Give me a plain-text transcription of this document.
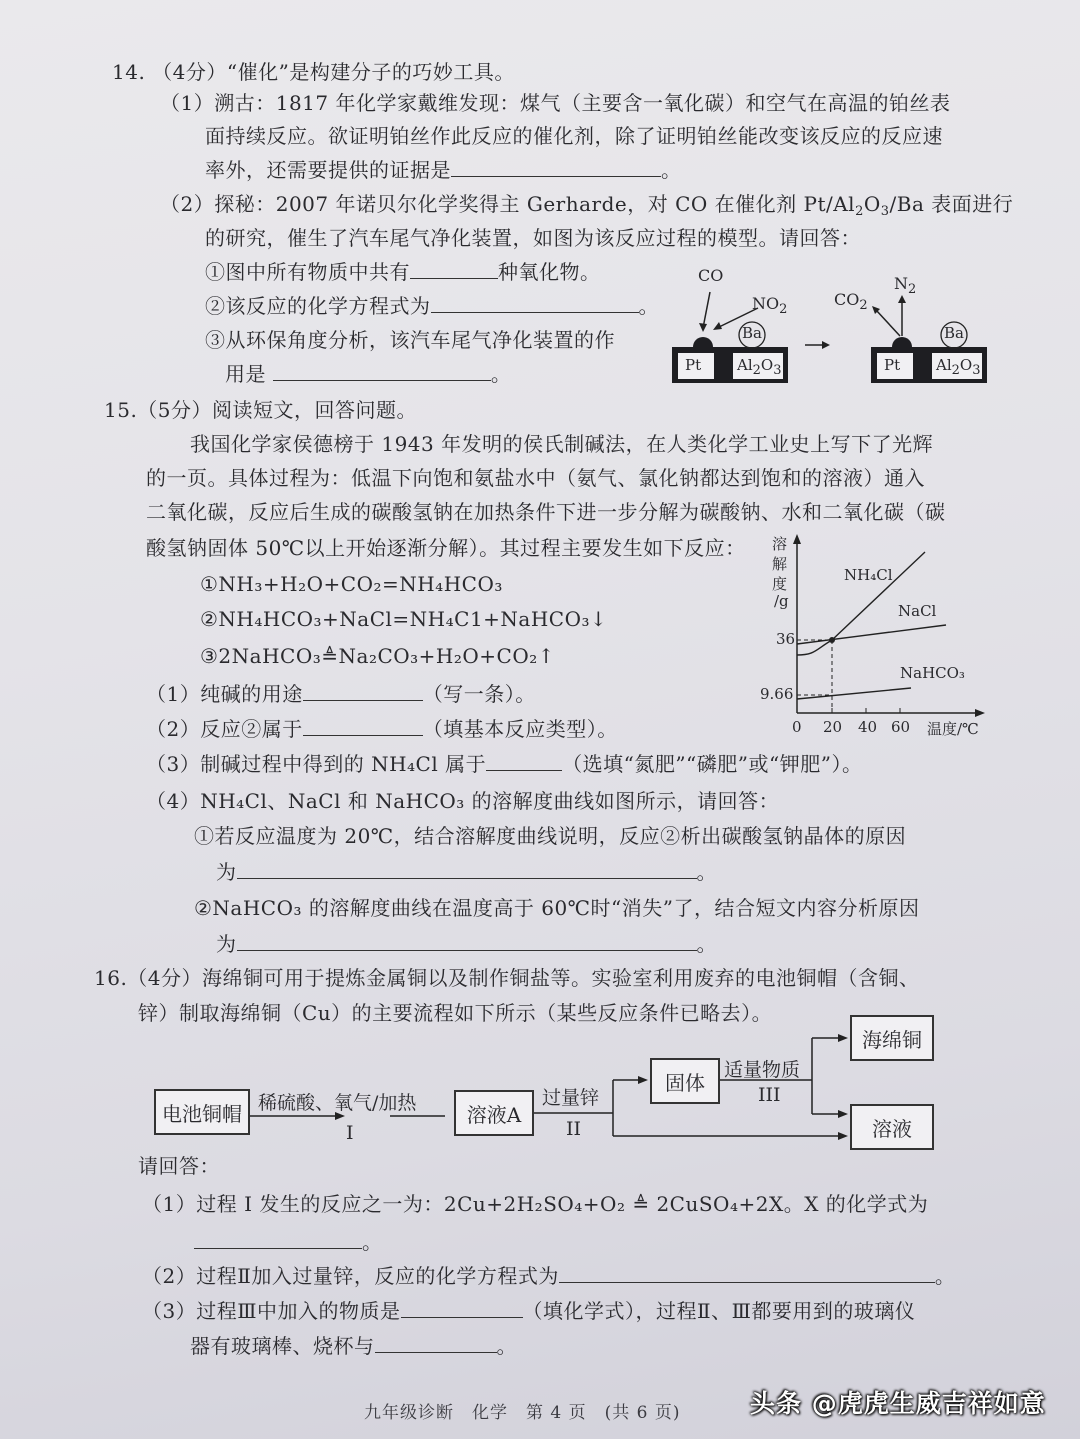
14. （4分）“催化”是构建分子的巧妙工具。
（1）溯古：1817 年化学家戴维发现：煤气（主要含一氧化碳）和空气在高温的铂丝表
面持续反应。欲证明铂丝作此反应的催化剂，除了证明铂丝能改变该反应的反应速
率外，还需要提供的证据是	。
（2）探秘：2007 年诺贝尔化学奖得主 Gerharde，对 CO 在催化剂 $Pt/Al_2O_3/Ba$ 表面进行
的研究，催生了汽车尾气净化装置，如图为该反应过程的模型。请回答：
①图中所有物质中共有	种氧化物。
②该反应的化学方程式为	。
③从环保角度分析，该汽车尾气净化装置的作
用是	。
CO
$NO_2$
Ba
Pt $Al_2O_3$
$CO_2$
$N_2$
Ba
Pt $Al_2O_3$
15.（5分）阅读短文，回答问题。
我国化学家侯德榜于 1943 年发明的侯氏制碱法，在人类化学工业史上写下了光辉
的一页。具体过程为：低温下向饱和氨盐水中（氨气、氯化钠都达到饱和的溶液）通入
二氧化碳，反应后生成的碳酸氢钠在加热条件下进一步分解为碳酸钠、水和二氧化碳（碳
酸氢钠固体 50℃以上开始逐渐分解）。其过程主要发生如下反应：
①NH₃+H₂O+CO₂=NH₄HCO₃
②NH₄HCO₃+NaCl=NH₄C1+NaHCO₃↓
③2NaHCO₃≜Na₂CO₃+H₂O+CO₂↑
（1）纯碱的用途	（写一条）。
（2）反应②属于	（填基本反应类型）。
（3）制碱过程中得到的 NH₄Cl 属于	（选填“氮肥”“磷肥”或“钾肥”）。
（4）NH₄Cl、NaCl 和 NaHCO₃ 的溶解度曲线如图所示，请回答：
①若反应温度为 20℃，结合溶解度曲线说明，反应②析出碳酸氢钠晶体的原因
为	。
②NaHCO₃ 的溶解度曲线在温度高于 60℃时“消失”了，结合短文内容分析原因
为	。
溶解度
/g
36
9.66
0 20 40 60 温度/℃
NH₄Cl
NaCl
NaHCO₃
16.（4分）海绵铜可用于提炼金属铜以及制作铜盐等。实验室利用废弃的电池铜帽（含铜、
锌）制取海绵铜（Cu）的主要流程如下所示（某些反应条件已略去）。
电池铜帽 稀硫酸、氧气/加热
I
溶液A
过量锌
II
固体
适量物质
III
海绵铜
溶液
请回答：
（1）过程 I 发生的反应之一为：2Cu+2H₂SO₄+O₂ ≜ 2CuSO₄+2X。X 的化学式为
。
（2）过程Ⅱ加入过量锌，反应的化学方程式为	。
（3）过程Ⅲ中加入的物质是	（填化学式），过程Ⅱ、Ⅲ都要用到的玻璃仪
器有玻璃棒、烧杯与	。
九年级诊断　化学　第 4 页　(共 6 页)	头条 @虎虎生威吉祥如意
